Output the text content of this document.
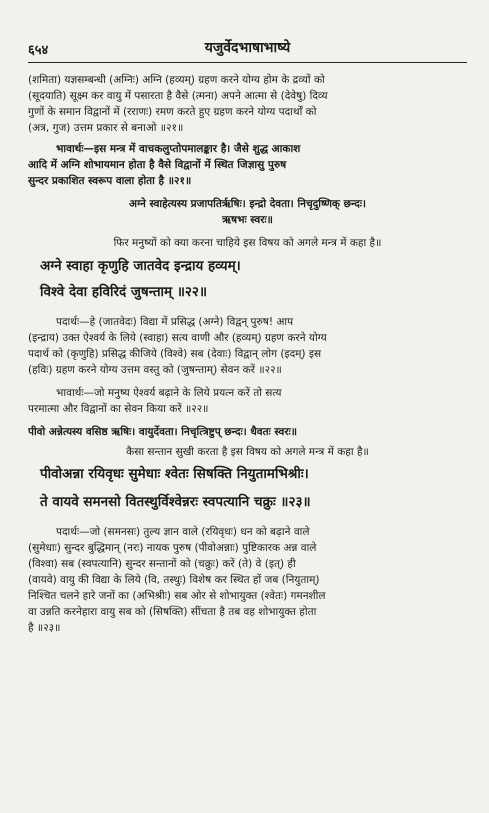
६५४	यजुर्वेदभाषाभाष्ये
(शमिता) यज्ञसम्बन्धी (अग्निः) अग्नि (हव्यम्) ग्रहण करने योग्य होम के द्रव्यों को
(सूदयाति) सूक्ष्म कर वायु में पसारता है वैसे (त्मना) अपने आत्मा से (देवेषु) दिव्य
गुणों के समान विद्वानों में (रराणः) रमण करते हुए ग्रहण करने योग्य पदार्थों को
(अत्र, गुज) उत्तम प्रकार से बनाओ ॥२१॥
भावार्थः—इस मन्त्र में वाचकलुप्तोपमालङ्कार है। जैसे शुद्ध आकाश
आदि में अग्नि शोभायमान होता है वैसे विद्वानों में स्थित जिज्ञासु पुरुष
सुन्दर प्रकाशित स्वरूप वाला होता है ॥२१॥
अग्ने स्वाहेत्यस्य प्रजापतिर्ऋषिः। इन्द्रो देवता। निचृदुष्णिक् छन्दः।
ऋषभः स्वरः॥
फिर मनुष्यों को क्या करना चाहिये इस विषय को अगले मन्त्र में कहा है॥
अग्ने स्वाहा कृणुहि जातवेद इन्द्राय हव्यम्।
विश्वे देवा हविरिदं जुषन्ताम् ॥२२॥
पदार्थः—हे (जातवेदः) विद्या में प्रसिद्ध (अग्ने) विद्वन् पुरुष! आप
(इन्द्राय) उक्त ऐश्वर्य के लिये (स्वाहा) सत्य वाणी और (हव्यम्) ग्रहण करने योग्य
पदार्थ को (कृणुहि) प्रसिद्ध कीजिये (विश्वे) सब (देवाः) विद्वान् लोग (इदम्) इस
(हविः) ग्रहण करने योग्य उत्तम वस्तु को (जुषन्ताम्) सेवन करें ॥२२॥
भावार्थः—जो मनुष्य ऐश्वर्य बढ़ाने के लिये प्रयत्न करें तो सत्य
परमात्मा और विद्वानों का सेवन किया करें ॥२२॥
पीवो अन्नेत्यस्य वसिष्ठ ऋषिः। वायुर्देवता। निचृत्त्रिष्टुप् छन्दः। धैवतः स्वरः॥
कैसा सन्तान सुखी करता है इस विषय को अगले मन्त्र में कहा है॥
पीवोअन्ना रयिवृधः सुमेधाः श्वेतः सिषक्ति नियुतामभिश्रीः।
ते वायवे समनसो वितस्थुर्विश्वेन्नरः स्वपत्यानि चक्रुः ॥२३॥
पदार्थः—जो (समनसः) तुल्य ज्ञान वाले (रयिवृधः) धन को बढ़ाने वाले
(सुमेधाः) सुन्दर बुद्धिमान् (नरः) नायक पुरुष (पीवोअन्नाः) पुष्टिकारक अन्न वाले
(विश्वा) सब (स्वपत्यानि) सुन्दर सन्तानों को (चक्रुः) करें (ते) वे (इत्) ही
(वायवे) वायु की विद्या के लिये (वि, तस्थुः) विशेष कर स्थित हों जब (नियुताम्)
निश्चित चलने हारे जनों का (अभिश्रीः) सब ओर से शोभायुक्त (श्वेतः) गमनशील
वा उन्नति करनेहारा वायु सब को (सिषक्ति) सींचता है तब वह शोभायुक्त होता
है ॥२३॥
